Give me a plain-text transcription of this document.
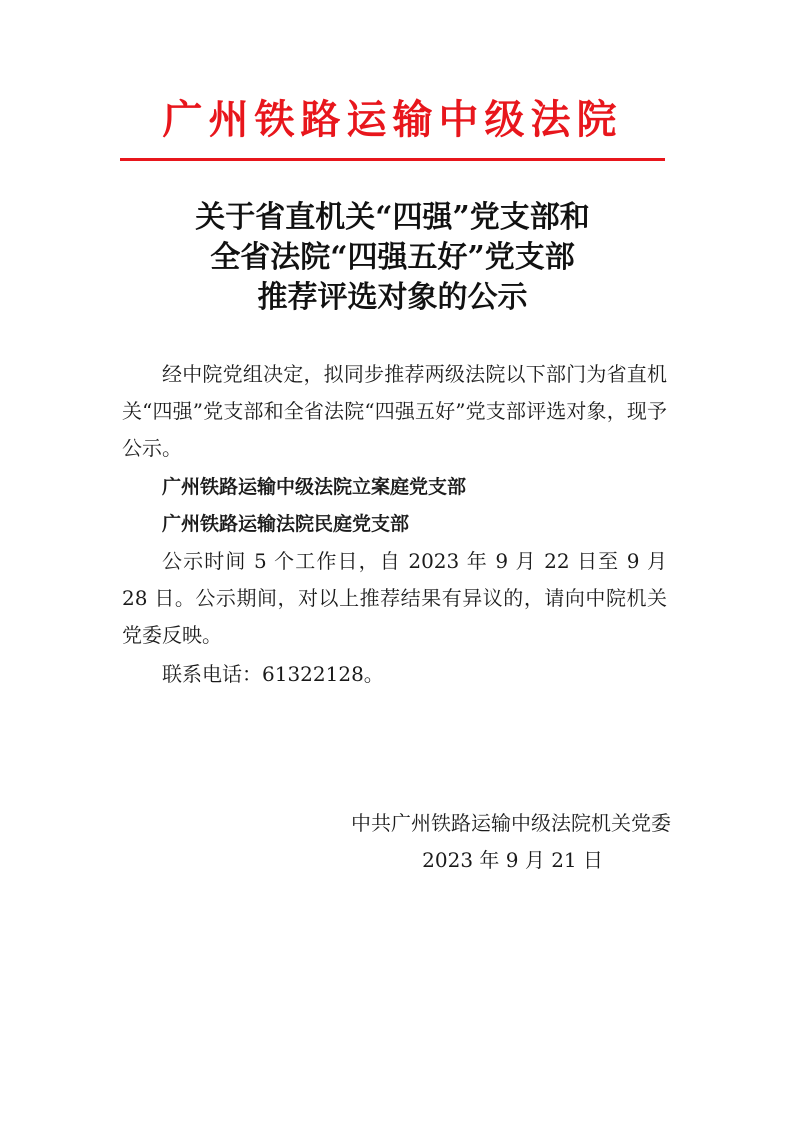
广州铁路运输中级法院
关于省直机关“四强”党支部和
全省法院“四强五好”党支部
推荐评选对象的公示
经中院党组决定，拟同步推荐两级法院以下部门为省直机关“四强”党支部和全省法院“四强五好”党支部评选对象，现予公示。
广州铁路运输中级法院立案庭党支部
广州铁路运输法院民庭党支部
公示时间 5 个工作日，自 2023 年 9 月 22 日至 9 月 28 日。公示期间，对以上推荐结果有异议的，请向中院机关党委反映。
联系电话：61322128。
中共广州铁路运输中级法院机关党委
2023 年 9 月 21 日
